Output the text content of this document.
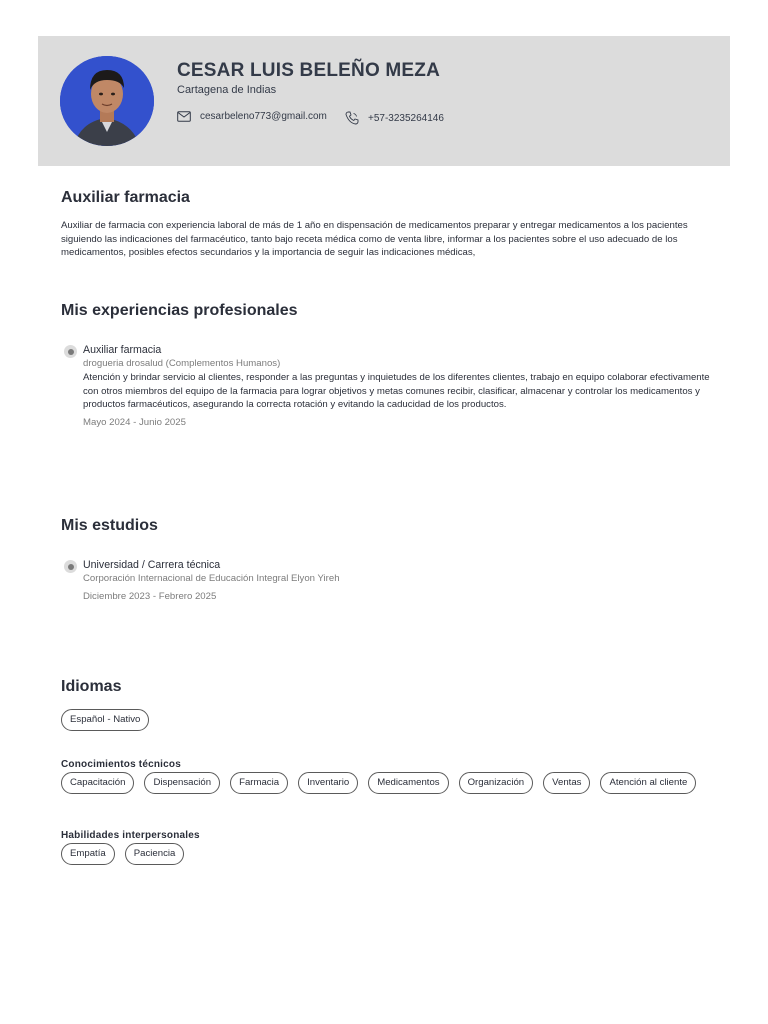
CESAR LUIS BELEÑO MEZA
Cartagena de Indias
cesarbeleno773@gmail.com	+57-3235264146
Auxiliar farmacia
Auxiliar de farmacia con experiencia laboral de más de 1 año en dispensación de medicamentos preparar y entregar medicamentos a los pacientes siguiendo las indicaciones del farmacéutico, tanto bajo receta médica como de venta libre, informar a los pacientes sobre el uso adecuado de los medicamentos, posibles efectos secundarios y la importancia de seguir las indicaciones médicas,
Mis experiencias profesionales
Auxiliar farmacia
drogueria drosalud (Complementos Humanos)
Atención y brindar servicio al clientes, responder a las preguntas y inquietudes de los diferentes clientes, trabajo en equipo colaborar efectivamente con otros miembros del equipo de la farmacia para lograr objetivos y metas comunes recibir, clasificar, almacenar y controlar los medicamentos y productos farmacéuticos, asegurando la correcta rotación y evitando la caducidad de los productos.
Mayo 2024 - Junio 2025
Mis estudios
Universidad / Carrera técnica
Corporación Internacional de Educación Integral Elyon Yireh
Diciembre 2023 - Febrero 2025
Idiomas
Español - Nativo
Conocimientos técnicos
Capacitación	Dispensación	Farmacia	Inventario	Medicamentos	Organización	Ventas	Atención al cliente
Habilidades interpersonales
Empatía	Paciencia
